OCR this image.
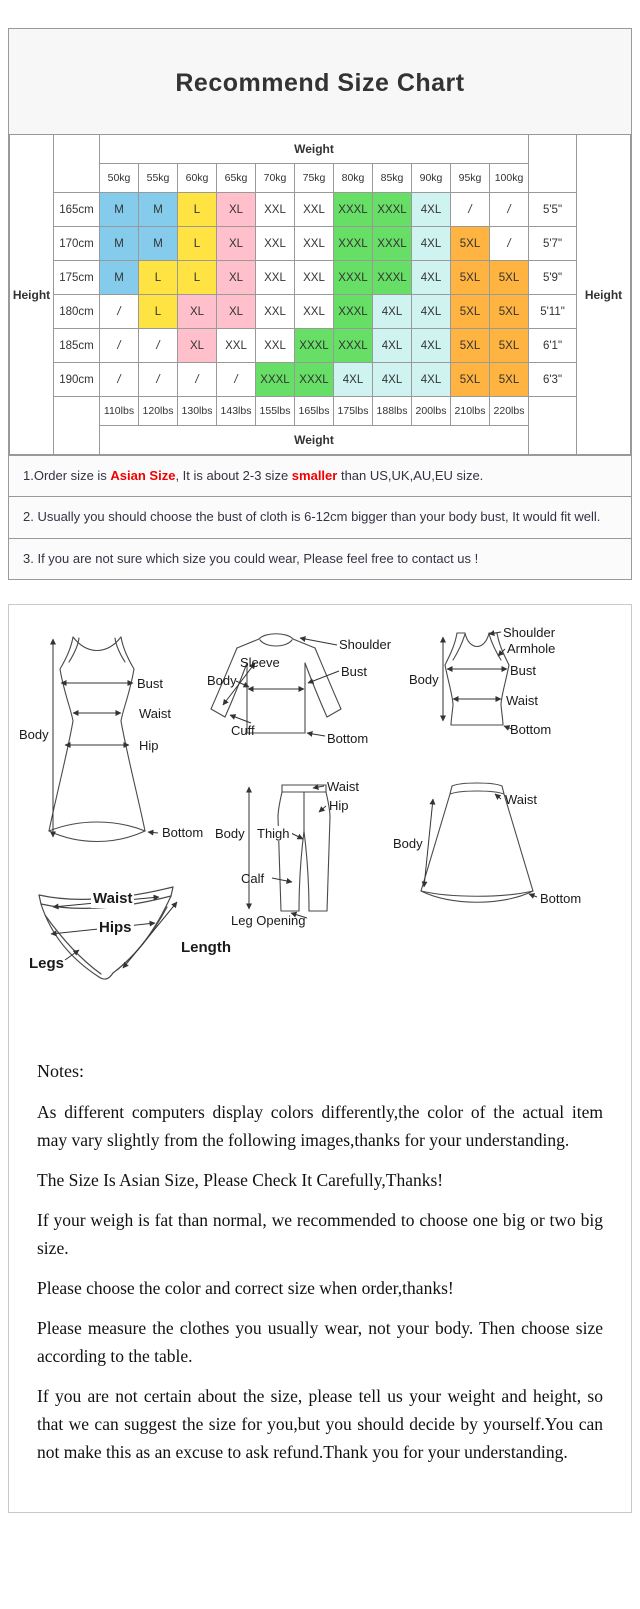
Recommend Size Chart
Height		Weight												Height
		50kg	55kg	60kg	65kg	70kg	75kg	80kg	85kg	90kg	95kg	100kg		
	165cm	M	M	L	XL	XXL	XXL	XXXL	XXXL	4XL	/	/	5'5"	
	170cm	M	M	L	XL	XXL	XXL	XXXL	XXXL	4XL	5XL	/	5'7"	
	175cm	M	L	L	XL	XXL	XXL	XXXL	XXXL	4XL	5XL	5XL	5'9"	
	180cm	/	L	XL	XL	XXL	XXL	XXXL	4XL	4XL	5XL	5XL	5'11"	
	185cm	/	/	XL	XXL	XXL	XXXL	XXXL	4XL	4XL	5XL	5XL	6'1"	
	190cm	/	/	/	/	XXXL	XXXL	4XL	4XL	4XL	5XL	5XL	6'3"	
		110lbs	120lbs	130lbs	143lbs	155lbs	165lbs	175lbs	188lbs	200lbs	210lbs	220lbs		
		Weight												
1.Order size is Asian Size, It is about 2-3 size smaller than US,UK,AU,EU size.
2. Usually you should choose the bust of cloth is 6-12cm bigger than your body bust, It would fit well.
3. If you are not sure which size you could wear, Please feel free to contact us !
Bust
Waist
Hip
Body
Bottom
Shoulder
Sleeve
Bust
Body
Cuff
Bottom
Shoulder
Armhole
Bust
Waist
Body
Bottom
Waist
Hip
Body Thigh
Calf
Leg Opening
Waist
Hips
Legs
Length
Waist
Body
Bottom

Notes:

As different computers display colors differently,the color of the actual item may vary slightly from the following images,thanks for your understanding.

The Size Is Asian Size, Please Check It Carefully,Thanks!

If your weigh is fat than normal, we recommended to choose one big or two big size.

Please choose the color and correct size when order,thanks!

Please measure the clothes you usually wear, not your body. Then choose size according to the table.

If you are not certain about the size, please tell us your weight and height, so that we can suggest the size for you,but you should decide by yourself.You can not make this as an excuse to ask refund.Thank you for your understanding.
